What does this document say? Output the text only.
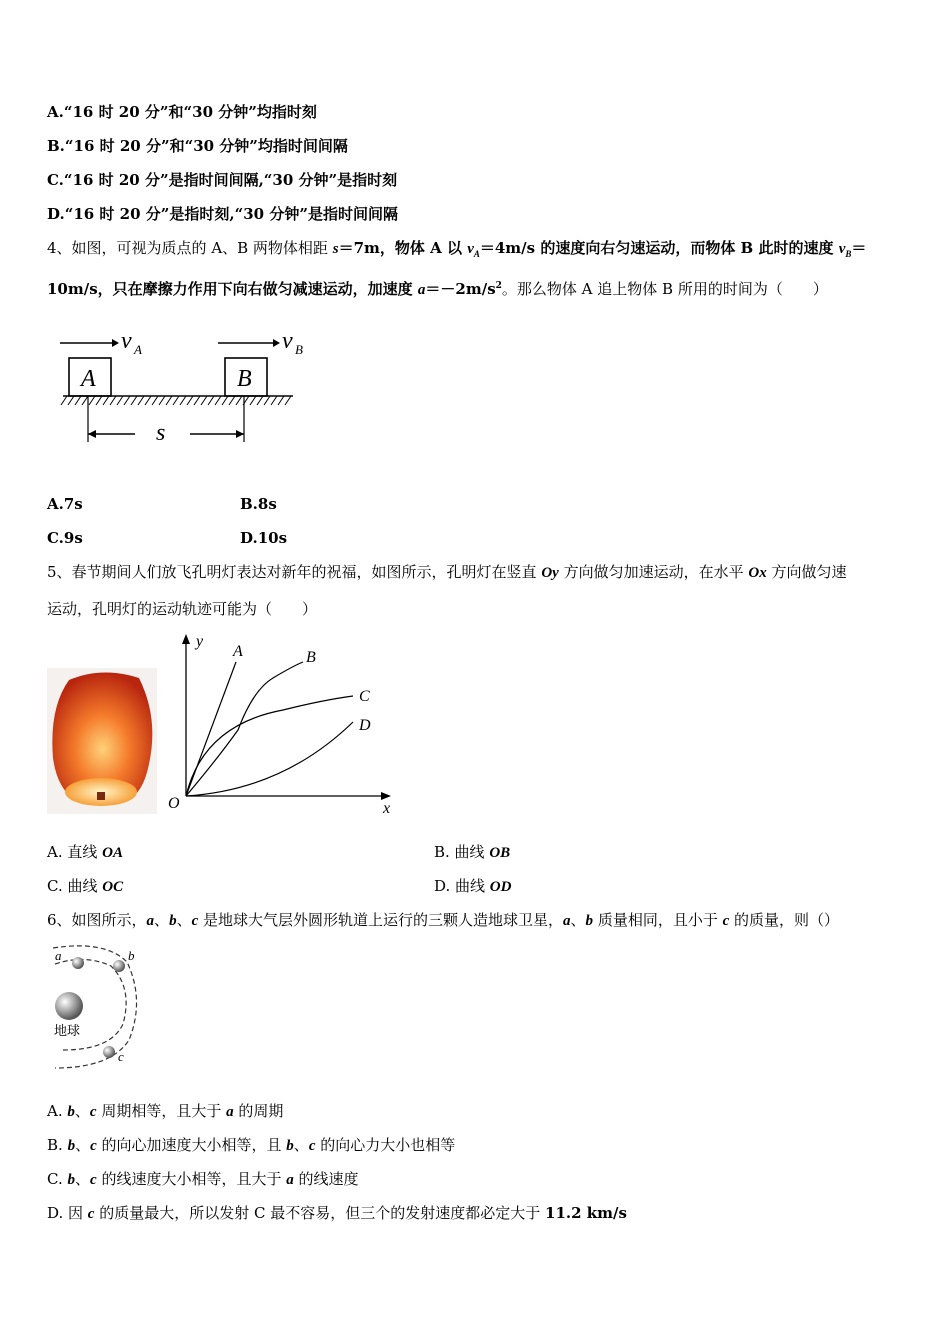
A.“16 时 20 分”和“30 分钟”均指时刻
B.“16 时 20 分”和“30 分钟”均指时间间隔
C.“16 时 20 分”是指时间间隔,“30 分钟”是指时刻
D.“16 时 20 分”是指时刻,“30 分钟”是指时间间隔
4、如图，可视为质点的 A、B 两物体相距 s＝7m，物体 A 以 $v_A=4m/s$ 的速度向右匀速运动，而物体 B 此时的速度 $v_B=$
10m/s，只在摩擦力作用下向右做匀减速运动，加速度 $a=-2m/s^2$。那么物体 A 追上物体 B 所用的时间为（　　）
v A	v B
A	B
s
A.7s	B.8s
C.9s	D.10s
5、春节期间人们放飞孔明灯表达对新年的祝福，如图所示，孔明灯在竖直 Oy 方向做匀加速运动，在水平 Ox 方向做匀速
运动，孔明灯的运动轨迹可能为（　　）
y
x
O
A	B
C
D
A. 直线 OA	B. 曲线 OB
C. 曲线 OC	D. 曲线 OD
6、如图所示，a、b、c 是地球大气层外圆形轨道上运行的三颗人造地球卫星，a、b 质量相同，且小于 c 的质量，则（）
地球
a	b
c
A. b、c 周期相等，且大于 a 的周期
B. b、c 的向心加速度大小相等，且 b、c 的向心力大小也相等
C. b、c 的线速度大小相等，且大于 a 的线速度
D. 因 c 的质量最大，所以发射 C 最不容易，但三个的发射速度都必定大于 11.2 km/s
